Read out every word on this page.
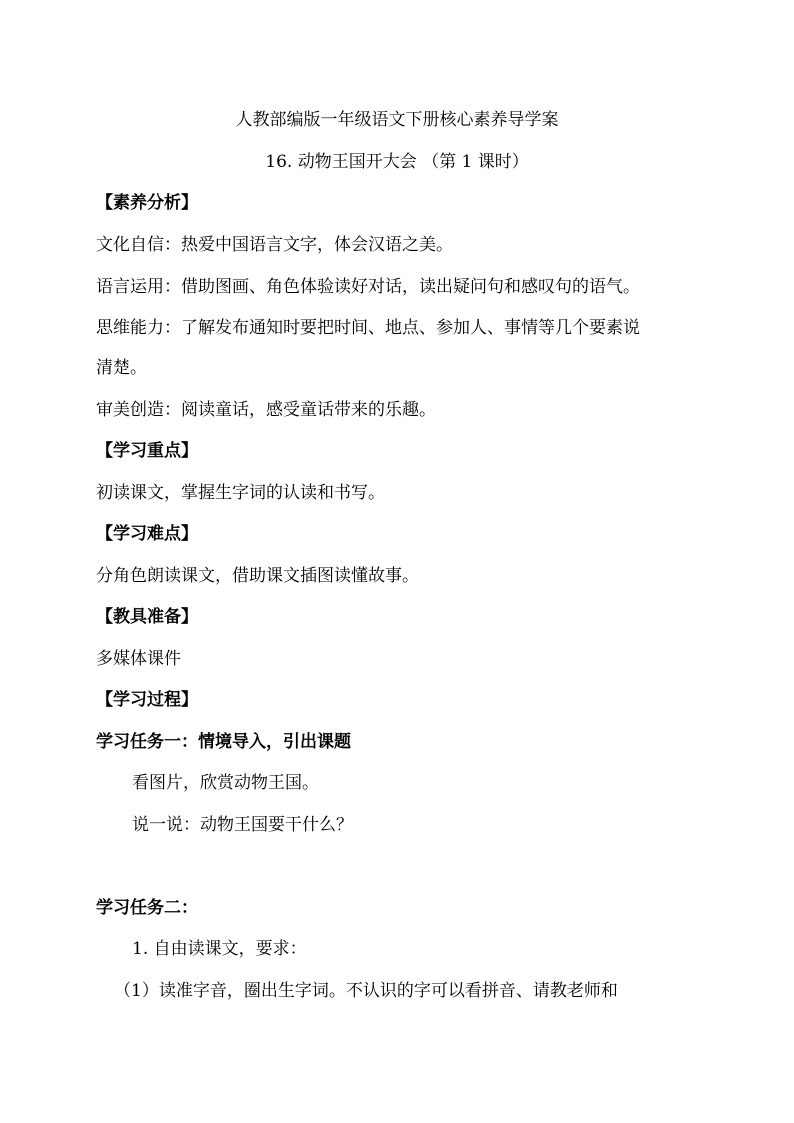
人教部编版一年级语文下册核心素养导学案
16. 动物王国开大会 （第 1 课时）
【素养分析】
文化自信：热爱中国语言文字，体会汉语之美。
语言运用：借助图画、角色体验读好对话，读出疑问句和感叹句的语气。
思维能力：了解发布通知时要把时间、地点、参加人、事情等几个要素说
清楚。
审美创造：阅读童话，感受童话带来的乐趣。
【学习重点】
初读课文，掌握生字词的认读和书写。
【学习难点】
分角色朗读课文，借助课文插图读懂故事。
【教具准备】
多媒体课件
【学习过程】
学习任务一：情境导入，引出课题
看图片，欣赏动物王国。
说一说：动物王国要干什么？
学习任务二：
1. 自由读课文，要求：
（1）读准字音，圈出生字词。不认识的字可以看拼音、请教老师和
